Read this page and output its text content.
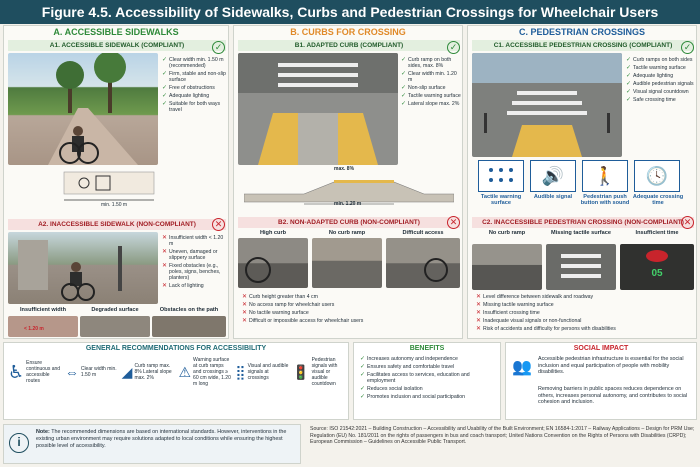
Figure 4.5. Accessibility of Sidewalks, Curbs and Pedestrian Crossings for Wheelchair Users
A. ACCESSIBLE SIDEWALKS
A1. ACCESSIBLE SIDEWALK (COMPLIANT)	✓
✓ Clear width min. 1.50 m (recommended)
✓ Firm, stable and non-slip surface
✓ Free of obstructions
✓ Adequate lighting
✓ Suitable for both ways travel
min. 1.50 m
A2. INACCESSIBLE SIDEWALK (NON-COMPLIANT)	✕
✕ Insufficient width < 1.20 m
✕ Uneven, damaged or slippery surface
✕ Fixed obstacles (e.g., poles, signs, benches, planters)
✕ Lack of lighting
Insufficient width	Degraded surface	Obstacles on the path
< 1.20 m
B. CURBS FOR CROSSING
B1. ADAPTED CURB (COMPLIANT)	✓
✓ Curb ramp on both sides, max. 8%
✓ Clear width min. 1.20 m
✓ Non-slip surface
✓ Tactile warning surface
✓ Lateral slope max. 2%
max. 8%
min. 1.20 m
B2. NON-ADAPTED CURB (NON-COMPLIANT)	✕
High curb	No curb ramp	Difficult access
✕ Curb height greater than 4 cm
✕ No access ramp for wheelchair users
✕ No tactile warning surface
✕ Difficult or impossible access for wheelchair users
C. PEDESTRIAN CROSSINGS
C1. ACCESSIBLE PEDESTRIAN CROSSING (COMPLIANT)	✓
✓ Curb ramps on both sides
✓ Tactile warning surface
✓ Adequate lighting
✓ Audible pedestrian signals
✓ Visual signal countdown
✓ Safe crossing time
🔊	🚶	🕓
Tactile warning surface
Audible signal	Pedestrian push button with sound
Adequate crossing time
C2. INACCESSIBLE PEDESTRIAN CROSSING (NON-COMPLIANT) ✕
No curb ramp	Missing tactile surface	Insufficient time
05
✕ Level difference between sidewalk and roadway
✕ Missing tactile warning surface
✕ Insufficient crossing time
✕ Inadequate visual signals or non-functional
✕ Risk of accidents and difficulty for persons with disabilities
GENERAL RECOMMENDATIONS FOR ACCESSIBILITY
♿ Ensure continuous and accessible routes
⇔ Clear width min. 1.50 m	◢ Curb ramp max. 8% Lateral slope max. 2%	⚠
Warning surface at curb ramps and crossings ≥ 60 cm wide, 1.20 m long
⣿ Visual and audible signals at crossings	🚦
Pedestrian signals with visual or audible countdown
BENEFITS
✓ Increases autonomy and independence
✓ Ensures safety and comfortable travel
✓ Facilitates access to services, education and employment
✓ Reduces social isolation
✓ Promotes inclusion and social participation
SOCIAL IMPACT
👥 Accessible pedestrian infrastructure is essential for the social inclusion and equal participation of people with mobility disabilities.
Removing barriers in public spaces reduces dependence on others, increases personal autonomy, and contributes to social cohesion and inclusion.
i
Note: The recommended dimensions are based on international standards. However, interventions in the existing urban environment may require solutions adapted to local conditions while ensuring the highest possible level of accessibility.
Source: ISO 21542:2021 – Building Construction – Accessibility and Usability of the Built Environment; EN 16584-1:2017 – Railway Applications – Design for PRM Use; Regulation (EU) No. 181/2011 on the rights of passengers in bus and coach transport; United Nations Convention on the Rights of Persons with Disabilities (CRPD); European Commission – Guidelines on Accessible Public Transport.
